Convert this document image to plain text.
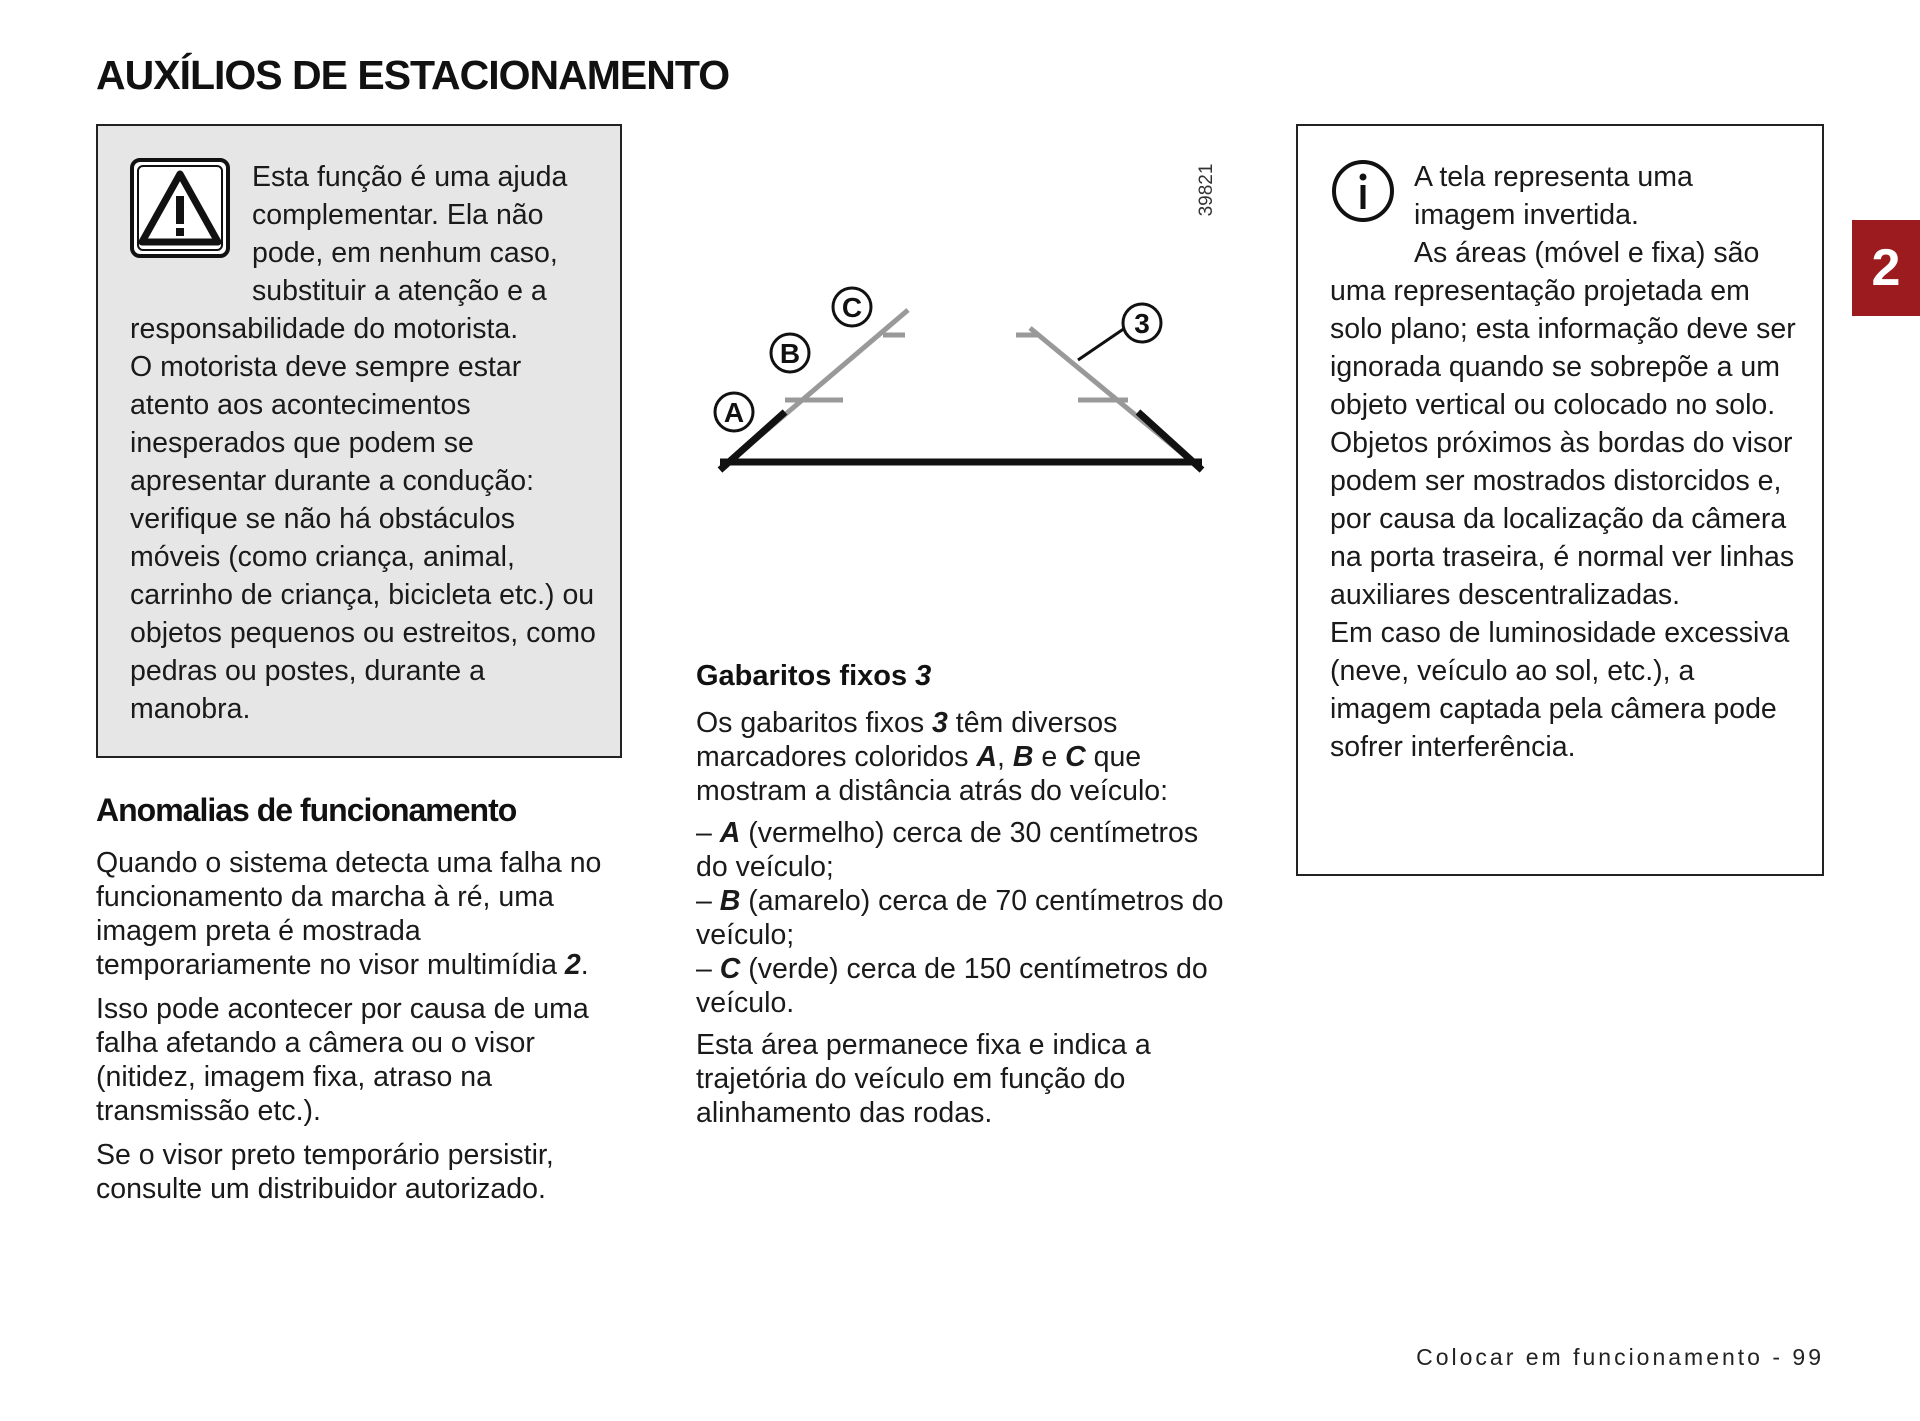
AUXÍLIOS DE ESTACIONAMENTO

Esta função é uma ajuda complementar. Ela não pode, em nenhum caso, substituir a atenção e a responsabilidade do motorista.

O motorista deve sempre estar atento aos acontecimentos inesperados que podem se apresentar durante a condução: verifique se não há obstáculos móveis (como criança, animal, carrinho de criança, bicicleta etc.) ou objetos pequenos ou estreitos, como pedras ou postes, durante a manobra.

Anomalias de funcionamento

Quando o sistema detecta uma falha no funcionamento da marcha à ré, uma imagem preta é mostrada temporariamente no visor multimídia 2.

Isso pode acontecer por causa de uma falha afetando a câmera ou o visor (nitidez, imagem fixa, atraso na transmissão etc.).

Se o visor preto temporário persistir, consulte um distribuidor autorizado.

39821
A
B
C
3
Gabaritos fixos 3

Os gabaritos fixos 3 têm diversos marcadores coloridos A, B e C que mostram a distância atrás do veículo:

– A (vermelho) cerca de 30 centímetros do veículo;

– B (amarelo) cerca de 70 centímetros do veículo;

– C (verde) cerca de 150 centímetros do veículo.

Esta área permanece fixa e indica a trajetória do veículo em função do alinhamento das rodas.

A tela representa uma imagem invertida.

As áreas (móvel e fixa) são uma representação projetada em solo plano; esta informação deve ser ignorada quando se sobrepõe a um objeto vertical ou colocado no solo.

Objetos próximos às bordas do visor podem ser mostrados distorcidos e, por causa da localização da câmera na porta traseira, é normal ver linhas auxiliares descentralizadas.

Em caso de luminosidade excessiva (neve, veículo ao sol, etc.), a imagem captada pela câmera pode sofrer interferência.

2
Colocar em funcionamento - 99
